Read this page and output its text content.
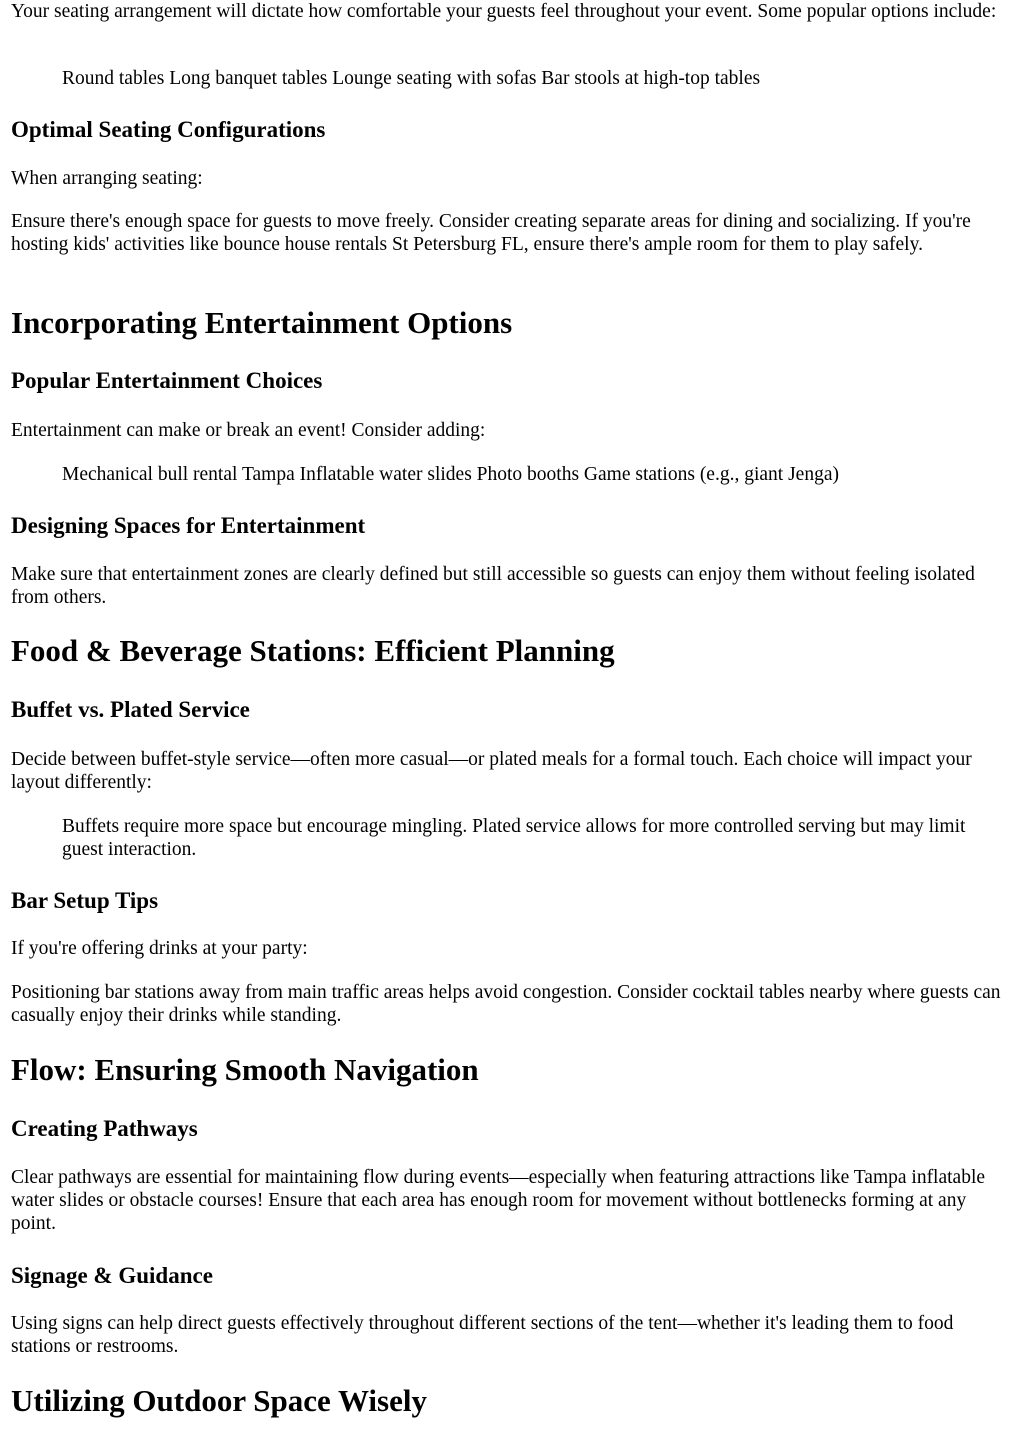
Your seating arrangement will dictate how comfortable your guests feel throughout your event. Some popular options include:

Round tables Long banquet tables Lounge seating with sofas Bar stools at high-top tables
Optimal Seating Configurations

When arranging seating:

Ensure there's enough space for guests to move freely. Consider creating separate areas for dining and socializing. If you're hosting kids' activities like bounce house rentals St Petersburg FL, ensure there's ample room for them to play safely.

Incorporating Entertainment Options
Popular Entertainment Choices

Entertainment can make or break an event! Consider adding:

Mechanical bull rental Tampa Inflatable water slides Photo booths Game stations (e.g., giant Jenga)
Designing Spaces for Entertainment

Make sure that entertainment zones are clearly defined but still accessible so guests can enjoy them without feeling isolated from others.

Food & Beverage Stations: Efficient Planning
Buffet vs. Plated Service

Decide between buffet-style service—often more casual—or plated meals for a formal touch. Each choice will impact your layout differently:

Buffets require more space but encourage mingling. Plated service allows for more controlled serving but may limit guest interaction.
Bar Setup Tips

If you're offering drinks at your party:

Positioning bar stations away from main traffic areas helps avoid congestion. Consider cocktail tables nearby where guests can casually enjoy their drinks while standing.

Flow: Ensuring Smooth Navigation
Creating Pathways

Clear pathways are essential for maintaining flow during events—especially when featuring attractions like Tampa inflatable water slides or obstacle courses! Ensure that each area has enough room for movement without bottlenecks forming at any point.

Signage & Guidance

Using signs can help direct guests effectively throughout different sections of the tent—whether it's leading them to food stations or restrooms.

Utilizing Outdoor Space Wisely
